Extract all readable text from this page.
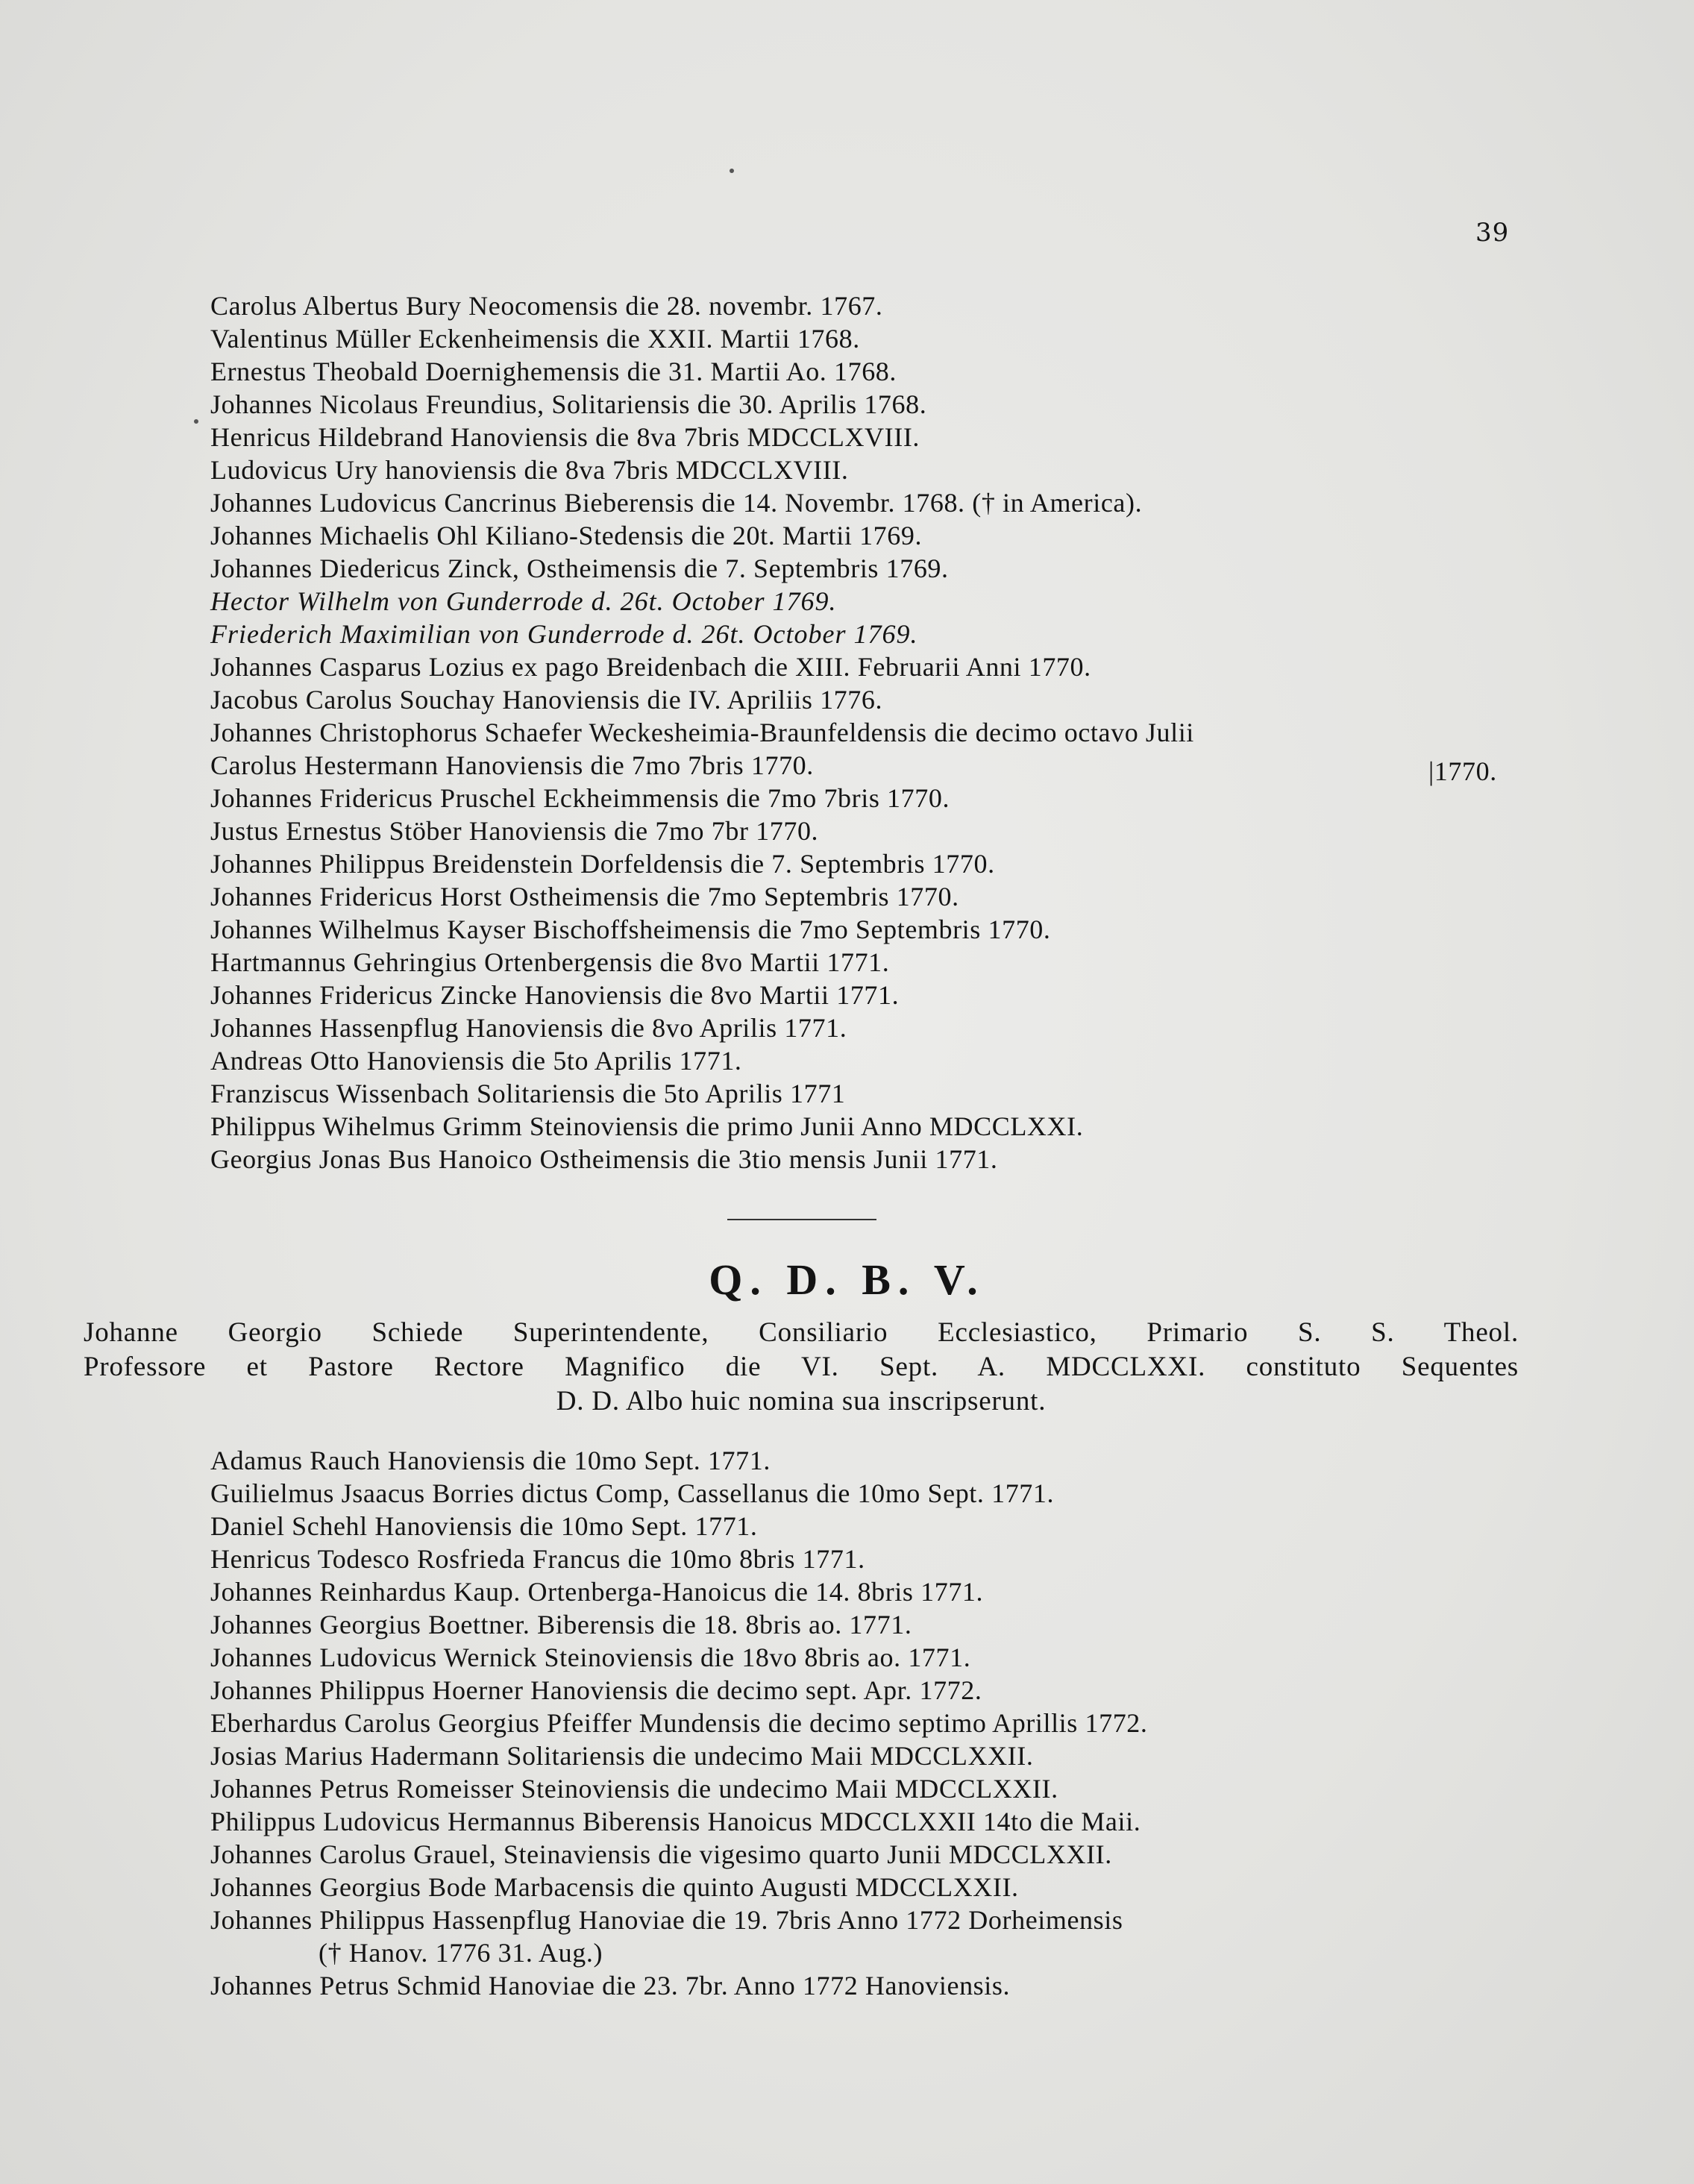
39
Carolus Albertus Bury Neocomensis die 28. novembr. 1767.
Valentinus Müller Eckenheimensis die XXII. Martii 1768.
Ernestus Theobald Doernighemensis die 31. Martii Ao. 1768.
Johannes Nicolaus Freundius, Solitariensis die 30. Aprilis 1768.
Henricus Hildebrand Hanoviensis die 8va 7bris MDCCLXVIII.
Ludovicus Ury hanoviensis die 8va 7bris MDCCLXVIII.
Johannes Ludovicus Cancrinus Bieberensis die 14. Novembr. 1768. († in America).
Johannes Michaelis Ohl Kiliano-Stedensis die 20t. Martii 1769.
Johannes Diedericus Zinck, Ostheimensis die 7. Septembris 1769.
Hector Wilhelm von Gunderrode d. 26t. October 1769.
Friederich Maximilian von Gunderrode d. 26t. October 1769.
Johannes Casparus Lozius ex pago Breidenbach die XIII. Februarii Anni 1770.
Jacobus Carolus Souchay Hanoviensis die IV. Apriliis 1776.
Johannes Christophorus Schaefer Weckesheimia-Braunfeldensis die decimo octavo Julii
Carolus Hestermann Hanoviensis die 7mo 7bris 1770.
Johannes Fridericus Pruschel Eckheimmensis die 7mo 7bris 1770.
Justus Ernestus Stöber Hanoviensis die 7mo 7br 1770.
Johannes Philippus Breidenstein Dorfeldensis die 7. Septembris 1770.
Johannes Fridericus Horst Ostheimensis die 7mo Septembris 1770.
Johannes Wilhelmus Kayser Bischoffsheimensis die 7mo Septembris 1770.
Hartmannus Gehringius Ortenbergensis die 8vo Martii 1771.
Johannes Fridericus Zincke Hanoviensis die 8vo Martii 1771.
Johannes Hassenpflug Hanoviensis die 8vo Aprilis 1771.
Andreas Otto Hanoviensis die 5to Aprilis 1771.
Franziscus Wissenbach Solitariensis die 5to Aprilis 1771
Philippus Wihelmus Grimm Steinoviensis die primo Junii Anno MDCCLXXI.
Georgius Jonas Bus Hanoico Ostheimensis die 3tio mensis Junii 1771.
|1770.
Q. D. B. V.
Johanne Georgio Schiede Superintendente, Consiliario Ecclesiastico, Primario S. S. Theol.
Professore et Pastore Rectore Magnifico die VI. Sept. A. MDCCLXXI. constituto Sequentes
D. D. Albo huic nomina sua inscripserunt.
Adamus Rauch Hanoviensis die 10mo Sept. 1771.
Guilielmus Jsaacus Borries dictus Comp, Cassellanus die 10mo Sept. 1771.
Daniel Schehl Hanoviensis die 10mo Sept. 1771.
Henricus Todesco Rosfrieda Francus die 10mo 8bris 1771.
Johannes Reinhardus Kaup. Ortenberga-Hanoicus die 14. 8bris 1771.
Johannes Georgius Boettner. Biberensis die 18. 8bris ao. 1771.
Johannes Ludovicus Wernick Steinoviensis die 18vo 8bris ao. 1771.
Johannes Philippus Hoerner Hanoviensis die decimo sept. Apr. 1772.
Eberhardus Carolus Georgius Pfeiffer Mundensis die decimo septimo Aprillis 1772.
Josias Marius Hadermann Solitariensis die undecimo Maii MDCCLXXII.
Johannes Petrus Romeisser Steinoviensis die undecimo Maii MDCCLXXII.
Philippus Ludovicus Hermannus Biberensis Hanoicus MDCCLXXII 14to die Maii.
Johannes Carolus Grauel, Steinaviensis die vigesimo quarto Junii MDCCLXXII.
Johannes Georgius Bode Marbacensis die quinto Augusti MDCCLXXII.
Johannes Philippus Hassenpflug Hanoviae die 19. 7bris Anno 1772 Dorheimensis
(† Hanov. 1776 31. Aug.)
Johannes Petrus Schmid Hanoviae die 23. 7br. Anno 1772 Hanoviensis.
